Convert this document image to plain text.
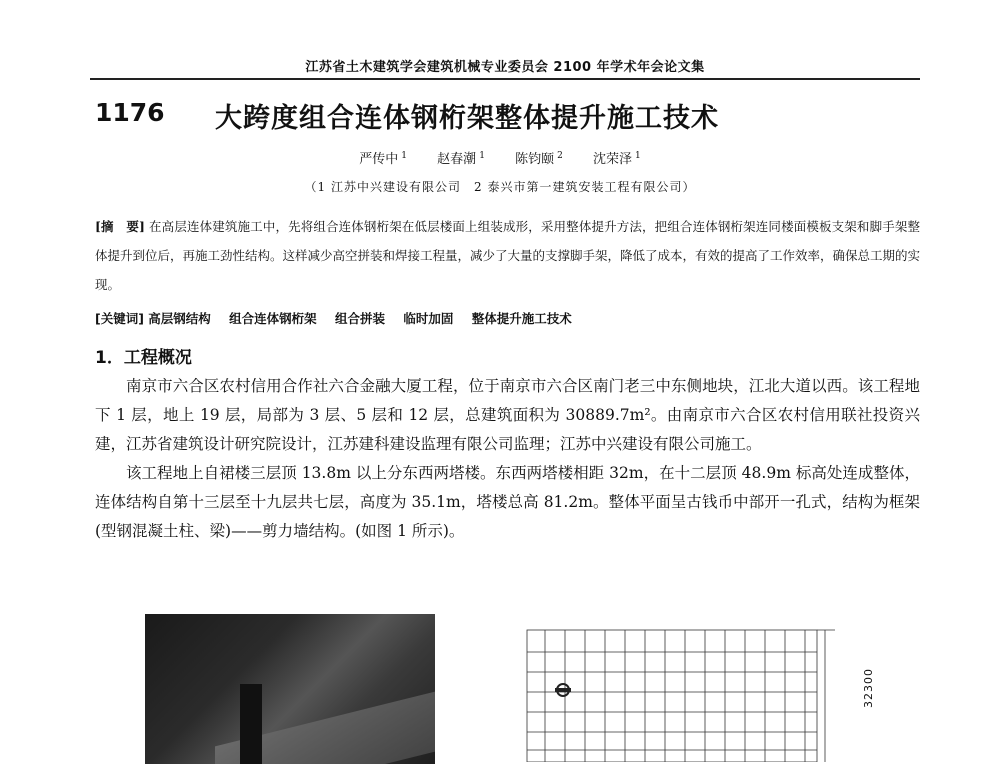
江苏省土木建筑学会建筑机械专业委员会 2100 年学术年会论文集
1176 大跨度组合连体钢桁架整体提升施工技术
严传中 $^1$ 赵春潮 $^1$ 陈钧颐 $^2$ 沈荣泽 $^1$
（1 江苏中兴建设有限公司　2 泰兴市第一建筑安装工程有限公司）
[摘　要] 在高层连体建筑施工中，先将组合连体钢桁架在低层楼面上组装成形，采用整体提升方法，把组合连体钢桁架连同楼面模板支架和脚手架整体提升到位后，再施工劲性结构。这样减少高空拼装和焊接工程量，减少了大量的支撑脚手架，降低了成本，有效的提高了工作效率，确保总工期的实现。
[关键词] 高层钢结构 组合连体钢桁架 组合拼装 临时加固 整体提升施工技术
1．工程概况

南京市六合区农村信用合作社六合金融大厦工程，位于南京市六合区南门老三中东侧地块，江北大道以西。该工程地下 1 层，地上 19 层，局部为 3 层、5 层和 12 层，总建筑面积为 30889.7m²。由南京市六合区农村信用联社投资兴建，江苏省建筑设计研究院设计，江苏建科建设监理有限公司监理；江苏中兴建设有限公司施工。

该工程地上自裙楼三层顶 13.8m 以上分东西两塔楼。东西两塔楼相距 32m，在十二层顶 48.9m 标高处连成整体，连体结构自第十三层至十九层共七层，高度为 35.1m，塔楼总高 81.2m。整体平面呈古钱币中部开一孔式，结构为框架(型钢混凝土柱、梁)——剪力墙结构。(如图 1 所示)。

32300
